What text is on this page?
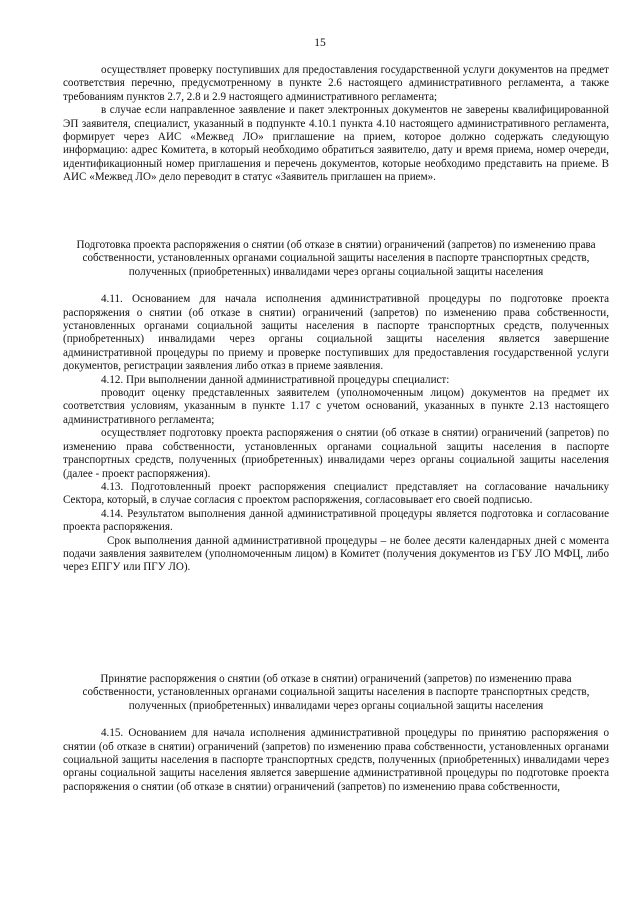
15
осуществляет проверку поступивших для предоставления государственной услуги документов на предмет соответствия перечню, предусмотренному в пункте 2.6 настоящего административного регламента, а также требованиям пунктов 2.7, 2.8 и 2.9 настоящего административного регламента;
в случае если направленное заявление и пакет электронных документов не заверены квалифицированной ЭП заявителя, специалист, указанный в подпункте 4.10.1 пункта 4.10 настоящего административного регламента, формирует через АИС «Межвед ЛО» приглашение на прием, которое должно содержать следующую информацию: адрес Комитета, в который необходимо обратиться заявителю, дату и время приема, номер очереди, идентификационный номер приглашения и перечень документов, которые необходимо представить на приеме. В АИС «Межвед ЛО» дело переводит в статус «Заявитель приглашен на прием».
Подготовка проекта распоряжения о снятии (об отказе в снятии) ограничений (запретов) по изменению права собственности, установленных органами социальной защиты населения в паспорте транспортных средств, полученных (приобретенных) инвалидами через органы социальной защиты населения
4.11. Основанием для начала исполнения административной процедуры по подготовке проекта распоряжения о снятии (об отказе в снятии) ограничений (запретов) по изменению права собственности, установленных органами социальной защиты населения в паспорте транспортных средств, полученных (приобретенных) инвалидами через органы социальной защиты населения является завершение административной процедуры по приему и проверке поступивших для предоставления государственной услуги документов, регистрации заявления либо отказ в приеме заявления.
4.12. При выполнении данной административной процедуры специалист:
проводит оценку представленных заявителем (уполномоченным лицом) документов на предмет их соответствия условиям, указанным в пункте 1.17 с учетом оснований, указанных в пункте 2.13 настоящего административного регламента;
осуществляет подготовку проекта распоряжения о снятии (об отказе в снятии) ограничений (запретов) по изменению права собственности, установленных органами социальной защиты населения в паспорте транспортных средств, полученных (приобретенных) инвалидами через органы социальной защиты населения (далее - проект распоряжения).
4.13. Подготовленный проект распоряжения специалист представляет на согласование начальнику Сектора, который, в случае согласия с проектом распоряжения, согласовывает его своей подписью.
4.14. Результатом выполнения данной административной процедуры является подготовка и согласование проекта распоряжения.
Срок выполнения данной административной процедуры – не более десяти календарных дней с момента подачи заявления заявителем (уполномоченным лицом) в Комитет (получения документов из ГБУ ЛО МФЦ, либо через ЕПГУ или ПГУ ЛО).
Принятие распоряжения о снятии (об отказе в снятии) ограничений (запретов) по изменению права собственности, установленных органами социальной защиты населения в паспорте транспортных средств, полученных (приобретенных) инвалидами через органы социальной защиты населения
4.15. Основанием для начала исполнения административной процедуры по принятию распоряжения о снятии (об отказе в снятии) ограничений (запретов) по изменению права собственности, установленных органами социальной защиты населения в паспорте транспортных средств, полученных (приобретенных) инвалидами через органы социальной защиты населения является завершение административной процедуры по подготовке проекта распоряжения о снятии (об отказе в снятии) ограничений (запретов) по изменению права собственности,
